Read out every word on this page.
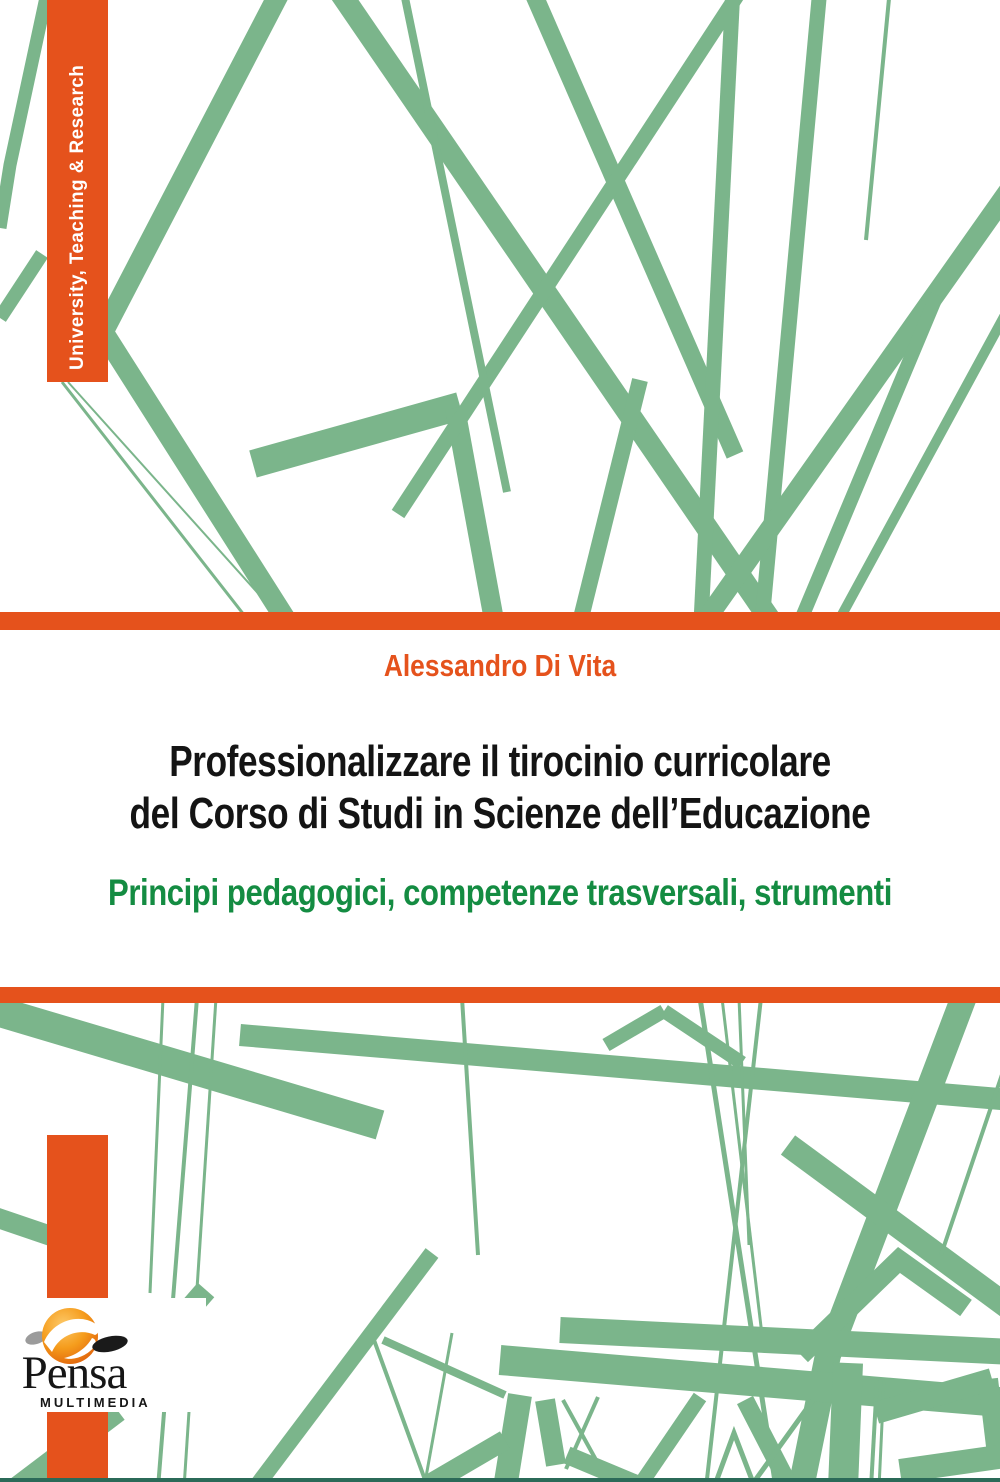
University, Teaching & Research
Alessandro Di Vita
Professionalizzare il tirocinio curricolare
del Corso di Studi in Scienze dell’Educazione
Principi pedagogici, competenze trasversali, strumenti
Pensa
MULTIMEDIA
